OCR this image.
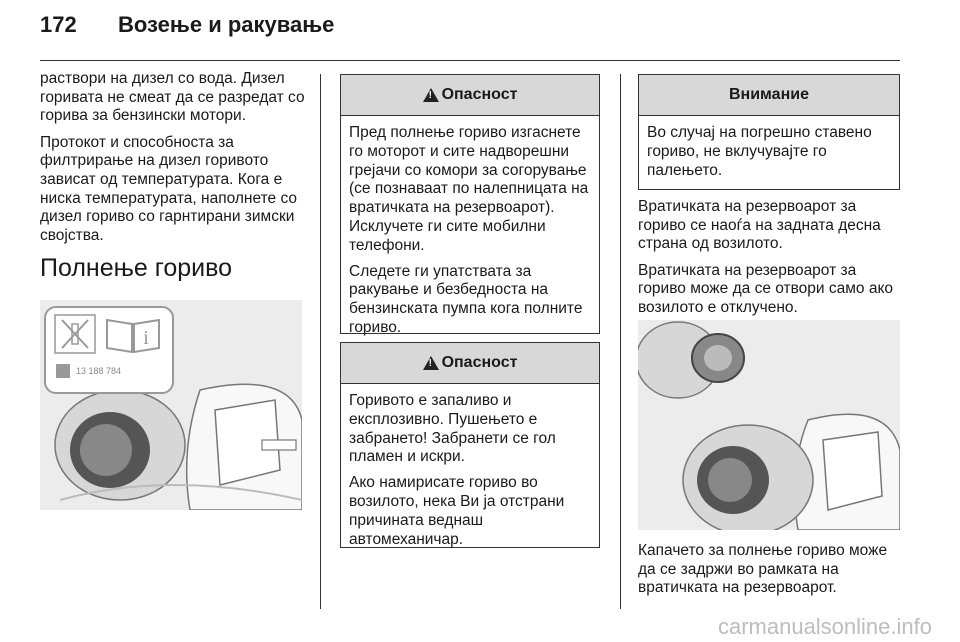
172 Возење и ракување

раствори на дизел со вода. Дизел горивата не смеат да се разредат со горива за бензински мотори.

Протокот и способноста за филтрирање на дизел горивото зависат од температурата. Кога е ниска температурата, наполнете со дизел гориво со гарнтирани зимски својства.

Полнење гориво
i
13 188 784
!
Опасност

Пред полнење гориво изгаснете го моторот и сите надворешни грејачи со комори за согорување (се познаваат по налепницата на вратичката на резервоарот). Исклучете ги сите мобилни телефони.

Следете ги упатствата за ракување и безбедноста на бензинската пумпа кога полните гориво.

!
Опасност

Горивото е запаливо и експлозивно. Пушењето е забрането! Забранети се гол пламен и искри.

Ако намирисате гориво во возилото, нека Ви ја отстрани причината веднаш автомеханичар.

Внимание

Во случај на погрешно ставено гориво, не вклучувајте го палењето.

Вратичката на резервоарот за гориво се наоѓа на задната десна страна од возилото.

Вратичката на резервоарот за гориво може да се отвори само ако возилото е отклучено.

Капачето за полнење гориво може да се задржи во рамката на вратичката на резервоарот.

carmanualsonline.info
